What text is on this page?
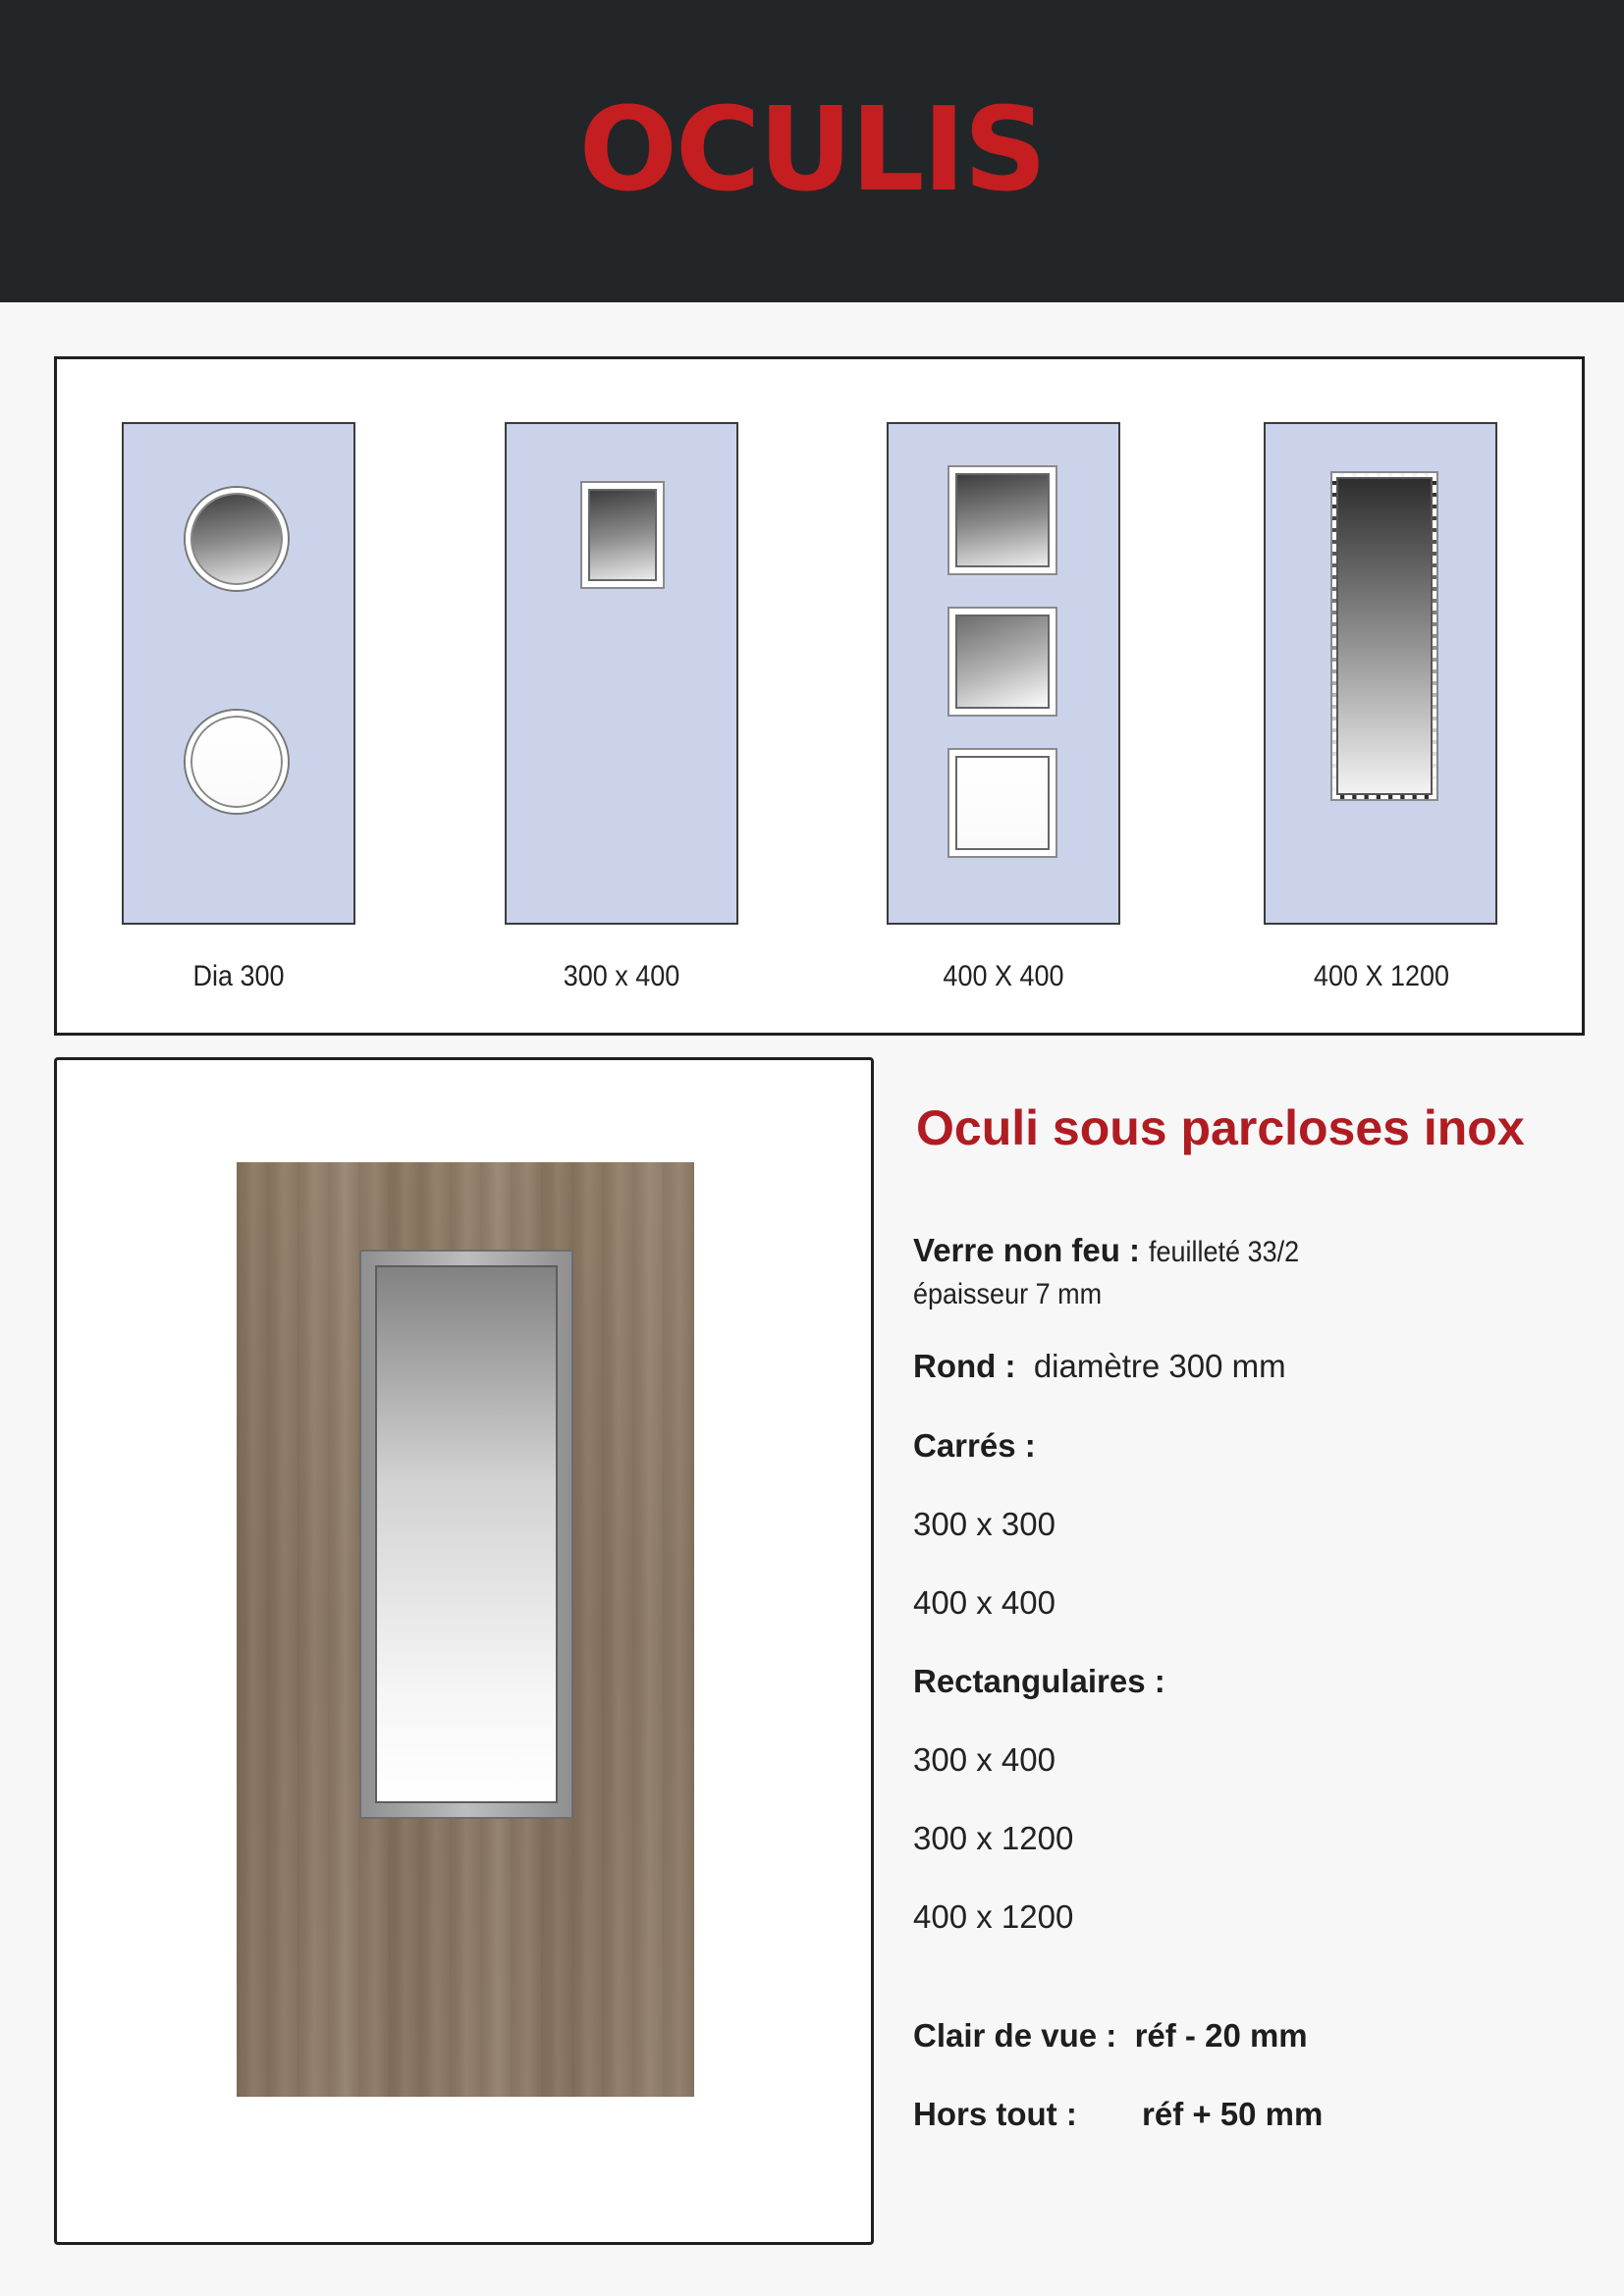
OCULIS
Dia 300	300 x 400	400 X 400	400 X 1200
Oculi sous parcloses inox
Verre non feu : feuilleté 33/2
épaisseur 7 mm
Rond : diamètre 300 mm
Carrés :
300 x 300
400 x 400
Rectangulaires :
300 x 400
300 x 1200
400 x 1200
Clair de vue : réf - 20 mm
Hors tout : réf + 50 mm
